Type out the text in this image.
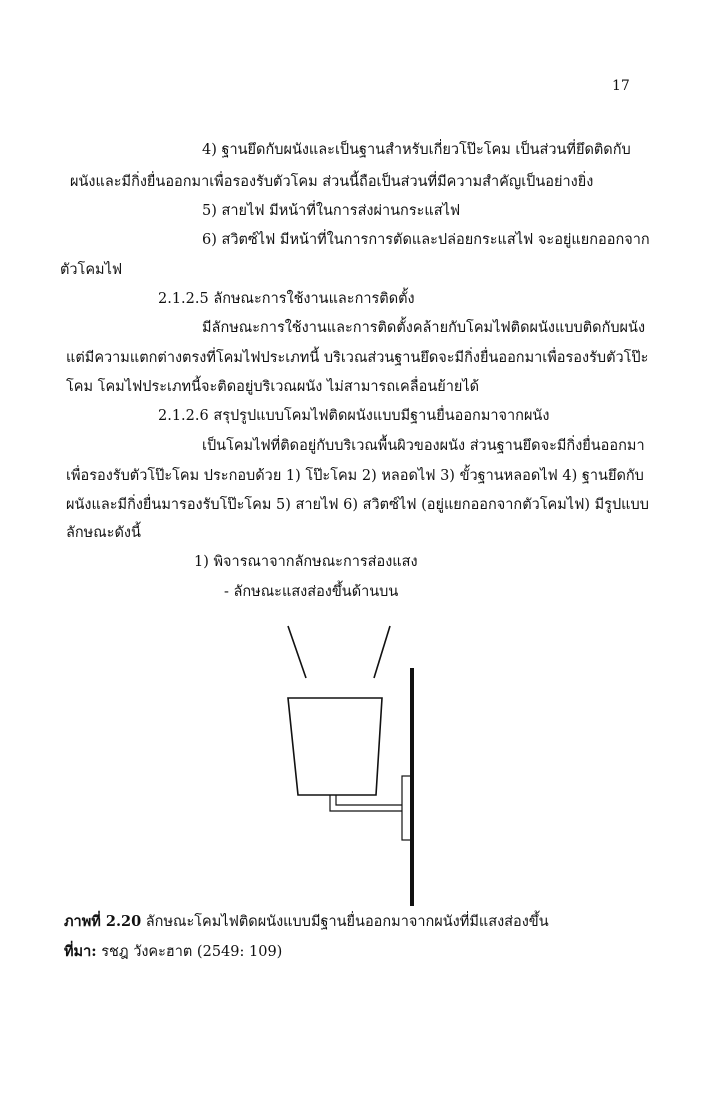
17
4) ฐานยึดกับผนังและเป็นฐานสำหรับเกี่ยวโป๊ะโคม เป็นส่วนที่ยึดติดกับ
ผนังและมีกิ่งยื่นออกมาเพื่อรองรับตัวโคม ส่วนนี้ถือเป็นส่วนที่มีความสำคัญเป็นอย่างยิ่ง
5) สายไฟ มีหน้าที่ในการส่งผ่านกระแสไฟ
6) สวิตซ์ไฟ มีหน้าที่ในการการตัดและปล่อยกระแสไฟ จะอยู่แยกออกจาก
ตัวโคมไฟ
2.1.2.5 ลักษณะการใช้งานและการติดตั้ง
มีลักษณะการใช้งานและการติดตั้งคล้ายกับโคมไฟติดผนังแบบติดกับผนัง
แต่มีความแตกต่างตรงที่โคมไฟประเภทนี้ บริเวณส่วนฐานยึดจะมีกิ่งยื่นออกมาเพื่อรองรับตัวโป๊ะ
โคม โคมไฟประเภทนี้จะติดอยู่บริเวณผนัง ไม่สามารถเคลื่อนย้ายได้
2.1.2.6 สรุปรูปแบบโคมไฟติดผนังแบบมีฐานยื่นออกมาจากผนัง
เป็นโคมไฟที่ติดอยู่กับบริเวณพื้นผิวของผนัง ส่วนฐานยึดจะมีกิ่งยื่นออกมา
เพื่อรองรับตัวโป๊ะโคม ประกอบด้วย 1) โป๊ะโคม 2) หลอดไฟ 3) ขั้วฐานหลอดไฟ 4) ฐานยึดกับ
ผนังและมีกิ่งยื่นมารองรับโป๊ะโคม 5) สายไฟ 6) สวิตซ์ไฟ (อยู่แยกออกจากตัวโคมไฟ) มีรูปแบบ
ลักษณะดังนี้
1) พิจารณาจากลักษณะการส่องแสง
- ลักษณะแสงส่องขึ้นด้านบน
ภาพที่ 2.20 ลักษณะโคมไฟติดผนังแบบมีฐานยื่นออกมาจากผนังที่มีแสงส่องขึ้น
ที่มา: รชฎ วังคะฮาต (2549: 109)
